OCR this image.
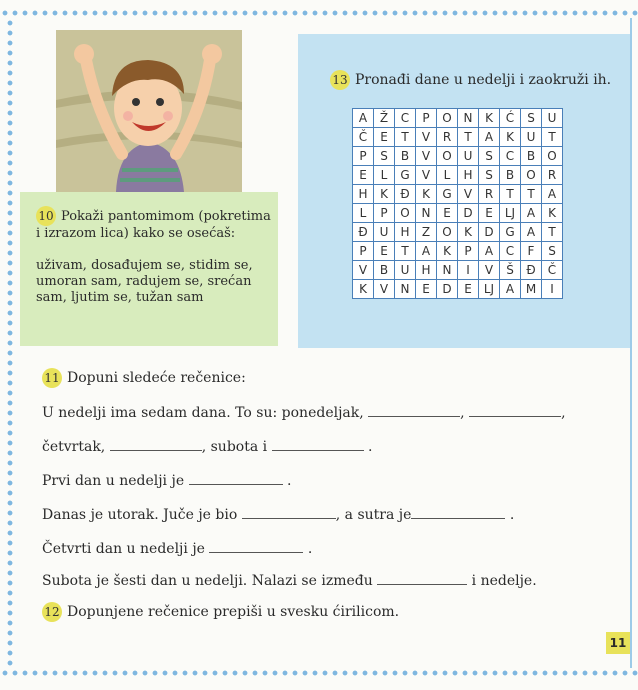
10 Pokaži pantomimom (pokretima i izrazom lica) kako se osećaš:
uživam, dosađujem se, stidim se, umoran sam, radujem se, srećan sam, ljutim se, tužan sam
13 Pronađi dane u nedelji i zaokruži ih.
A	Ž	C	P	O	N	K	Ć	S	U
Č	E	T	V	R	T	A	K	U	T
P	S	B	V	O	U	S	C	B	O
E	L	G	V	L	H	S	B	O	R
H	K	Đ	K	G	V	R	T	T	A
L	P	O	N	E	D	E	LJ	A	K
Đ	U	H	Z	O	K	D	G	A	T
P	E	T	A	K	P	A	C	F	S
V	B	U	H	N	I	V	Š	Đ	Č
K	V	N	E	D	E	LJ	A	M	I
11 Dopuni sledeće rečenice:
U nedelji ima sedam dana. To su: ponedeljak,	,	,
četvrtak,	, subota i	.
Prvi dan u nedelji je	.
Danas je utorak. Juče je bio	, a sutra je	.
Četvrti dan u nedelji je	.
Subota je šesti dan u nedelji. Nalazi se između	i nedelje.
12 Dopunjene rečenice prepiši u svesku ćirilicom.
11
